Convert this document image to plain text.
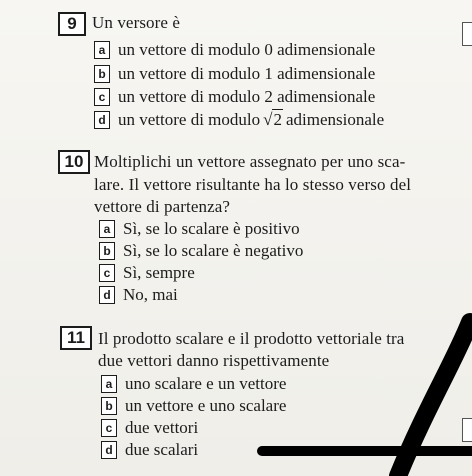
9 Un versore è
a un vettore di modulo 0 adimensionale
b un vettore di modulo 1 adimensionale
c un vettore di modulo 2 adimensionale
d un vettore di modulo √2 adimensionale
10 Moltiplichi un vettore assegnato per uno sca-
lare. Il vettore risultante ha lo stesso verso del
vettore di partenza?
a Sì, se lo scalare è positivo
b Sì, se lo scalare è negativo
c Sì, sempre
d No, mai
11 Il prodotto scalare e il prodotto vettoriale tra
due vettori danno rispettivamente
a uno scalare e un vettore
b un vettore e uno scalare
c due vettori
d due scalari
